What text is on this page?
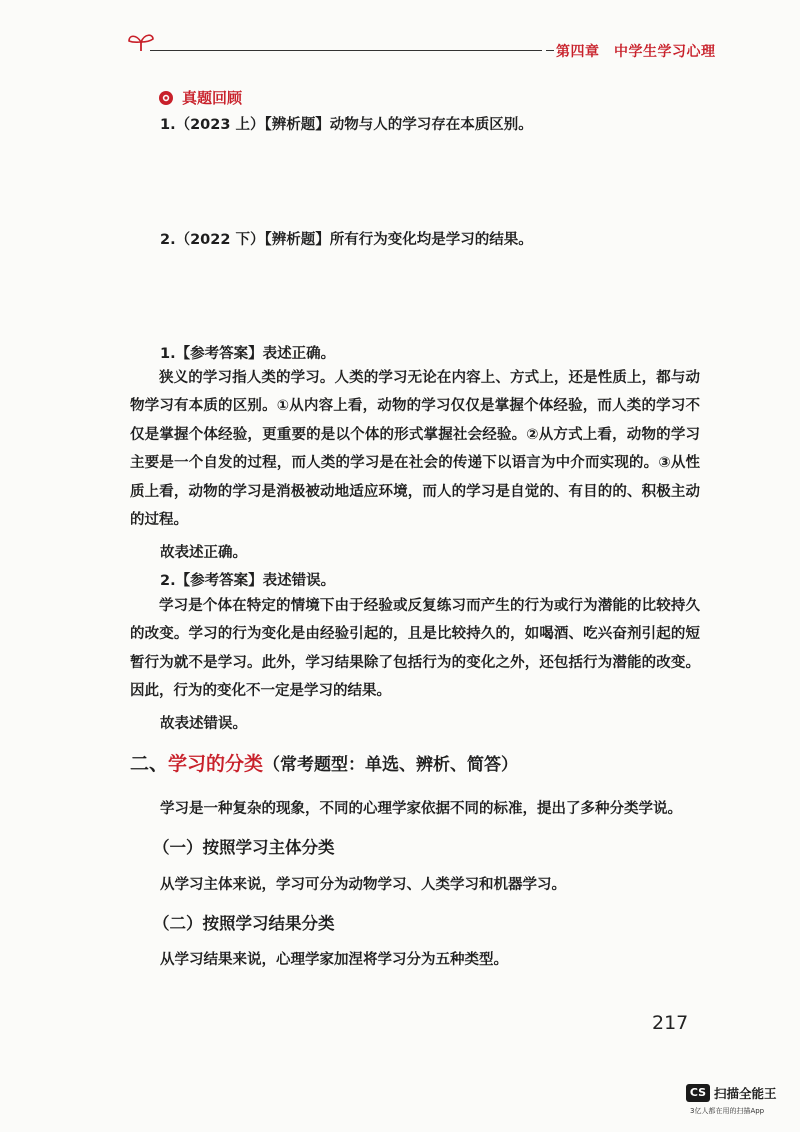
第四章　中学生学习心理
真题回顾
1.（2023 上）【辨析题】动物与人的学习存在本质区别。
2.（2022 下）【辨析题】所有行为变化均是学习的结果。
1.【参考答案】表述正确。
狭义的学习指人类的学习。人类的学习无论在内容上、方式上，还是性质上，都与动物学习有本质的区别。①从内容上看，动物的学习仅仅是掌握个体经验，而人类的学习不仅是掌握个体经验，更重要的是以个体的形式掌握社会经验。②从方式上看，动物的学习主要是一个自发的过程，而人类的学习是在社会的传递下以语言为中介而实现的。③从性质上看，动物的学习是消极被动地适应环境，而人的学习是自觉的、有目的的、积极主动的过程。
故表述正确。
2.【参考答案】表述错误。
学习是个体在特定的情境下由于经验或反复练习而产生的行为或行为潜能的比较持久的改变。学习的行为变化是由经验引起的，且是比较持久的，如喝酒、吃兴奋剂引起的短暂行为就不是学习。此外，学习结果除了包括行为的变化之外，还包括行为潜能的改变。因此，行为的变化不一定是学习的结果。
故表述错误。
二、学习的分类（常考题型：单选、辨析、简答）
学习是一种复杂的现象，不同的心理学家依据不同的标准，提出了多种分类学说。
（一）按照学习主体分类
从学习主体来说，学习可分为动物学习、人类学习和机器学习。
（二）按照学习结果分类
从学习结果来说，心理学家加涅将学习分为五种类型。
217
CS 扫描全能王
3亿人都在用的扫描App
